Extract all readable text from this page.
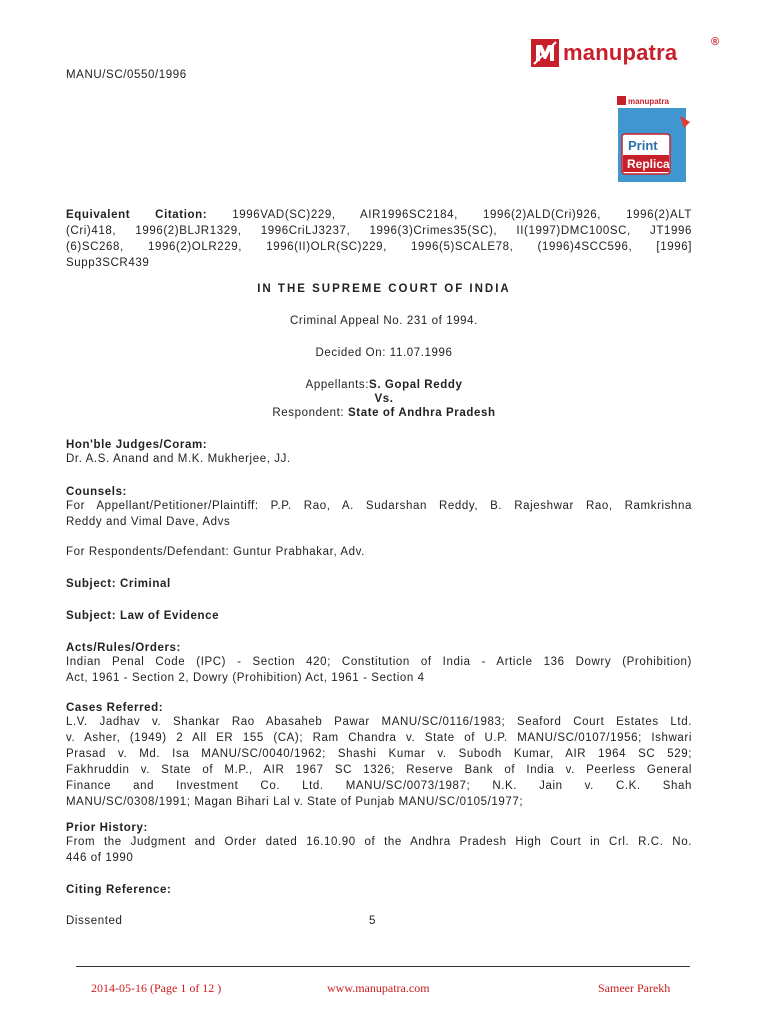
MANU/SC/0550/1996
manupatra	®
manupatra
Print
Replica
Equivalent Citation: 1996VAD(SC)229, AIR1996SC2184, 1996(2)ALD(Cri)926, 1996(2)ALT
(Cri)418, 1996(2)BLJR1329, 1996CriLJ3237, 1996(3)Crimes35(SC), II(1997)DMC100SC, JT1996
(6)SC268, 1996(2)OLR229, 1996(II)OLR(SC)229, 1996(5)SCALE78, (1996)4SCC596, [1996]
Supp3SCR439
IN THE SUPREME COURT OF INDIA
Criminal Appeal No. 231 of 1994.
Decided On: 11.07.1996
Appellants:S. Gopal Reddy
Vs.
Respondent: State of Andhra Pradesh
Hon'ble Judges/Coram:
Dr. A.S. Anand and M.K. Mukherjee, JJ.
Counsels:
For Appellant/Petitioner/Plaintiff: P.P. Rao, A. Sudarshan Reddy, B. Rajeshwar Rao, Ramkrishna
Reddy and Vimal Dave, Advs
For Respondents/Defendant: Guntur Prabhakar, Adv.
Subject: Criminal
Subject: Law of Evidence
Acts/Rules/Orders:
Indian Penal Code (IPC) - Section 420; Constitution of India - Article 136 Dowry (Prohibition)
Act, 1961 - Section 2, Dowry (Prohibition) Act, 1961 - Section 4
Cases Referred:
L.V. Jadhav v. Shankar Rao Abasaheb Pawar MANU/SC/0116/1983; Seaford Court Estates Ltd.
v. Asher, (1949) 2 All ER 155 (CA); Ram Chandra v. State of U.P. MANU/SC/0107/1956; Ishwari
Prasad v. Md. Isa MANU/SC/0040/1962; Shashi Kumar v. Subodh Kumar, AIR 1964 SC 529;
Fakhruddin v. State of M.P., AIR 1967 SC 1326; Reserve Bank of India v. Peerless General
Finance and Investment Co. Ltd. MANU/SC/0073/1987; N.K. Jain v. C.K. Shah
MANU/SC/0308/1991; Magan Bihari Lal v. State of Punjab MANU/SC/0105/1977;
Prior History:
From the Judgment and Order dated 16.10.90 of the Andhra Pradesh High Court in Crl. R.C. No.
446 of 1990
Citing Reference:
Dissented	5
2014-05-16 (Page 1 of 12 )	www.manupatra.com	Sameer Parekh
